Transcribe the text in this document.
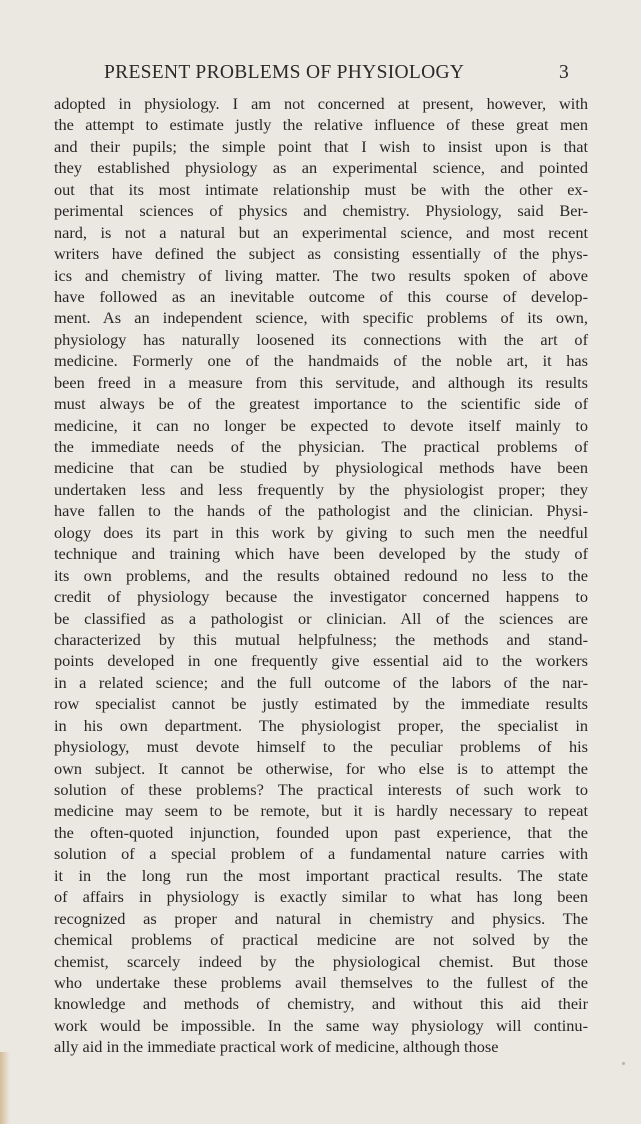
PRESENT PROBLEMS OF PHYSIOLOGY	3
adopted in physiology. I am not concerned at present, however, with
the attempt to estimate justly the relative influence of these great men
and their pupils; the simple point that I wish to insist upon is that
they established physiology as an experimental science, and pointed
out that its most intimate relationship must be with the other ex-
perimental sciences of physics and chemistry. Physiology, said Ber-
nard, is not a natural but an experimental science, and most recent
writers have defined the subject as consisting essentially of the phys-
ics and chemistry of living matter. The two results spoken of above
have followed as an inevitable outcome of this course of develop-
ment. As an independent science, with specific problems of its own,
physiology has naturally loosened its connections with the art of
medicine. Formerly one of the handmaids of the noble art, it has
been freed in a measure from this servitude, and although its results
must always be of the greatest importance to the scientific side of
medicine, it can no longer be expected to devote itself mainly to
the immediate needs of the physician. The practical problems of
medicine that can be studied by physiological methods have been
undertaken less and less frequently by the physiologist proper; they
have fallen to the hands of the pathologist and the clinician. Physi-
ology does its part in this work by giving to such men the needful
technique and training which have been developed by the study of
its own problems, and the results obtained redound no less to the
credit of physiology because the investigator concerned happens to
be classified as a pathologist or clinician. All of the sciences are
characterized by this mutual helpfulness; the methods and stand-
points developed in one frequently give essential aid to the workers
in a related science; and the full outcome of the labors of the nar-
row specialist cannot be justly estimated by the immediate results
in his own department. The physiologist proper, the specialist in
physiology, must devote himself to the peculiar problems of his
own subject. It cannot be otherwise, for who else is to attempt the
solution of these problems? The practical interests of such work to
medicine may seem to be remote, but it is hardly necessary to repeat
the often-quoted injunction, founded upon past experience, that the
solution of a special problem of a fundamental nature carries with
it in the long run the most important practical results. The state
of affairs in physiology is exactly similar to what has long been
recognized as proper and natural in chemistry and physics. The
chemical problems of practical medicine are not solved by the
chemist, scarcely indeed by the physiological chemist. But those
who undertake these problems avail themselves to the fullest of the
knowledge and methods of chemistry, and without this aid their
work would be impossible. In the same way physiology will continu-
ally aid in the immediate practical work of medicine, although those
